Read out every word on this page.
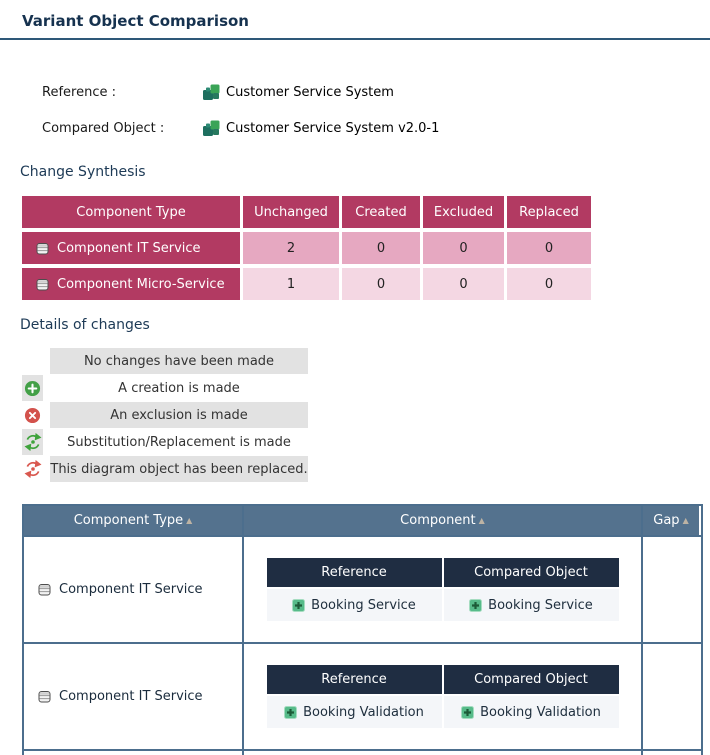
Variant Object Comparison
Reference :	Customer Service System
Compared Object :	Customer Service System v2.0-1
Change Synthesis
Component Type	Unchanged	Created	Excluded	Replaced
Component IT Service	2	0	0	0
Component Micro-Service	1	0	0	0
Details of changes
No changes have been made
A creation is made
An exclusion is made
Substitution/Replacement is made
This diagram object has been replaced.
Component Type ▲	Component ▲	Gap ▲
Component IT Service
Reference	Compared Object
Booking Service	Booking Service
Component IT Service
Reference	Compared Object
Booking Validation	Booking Validation
